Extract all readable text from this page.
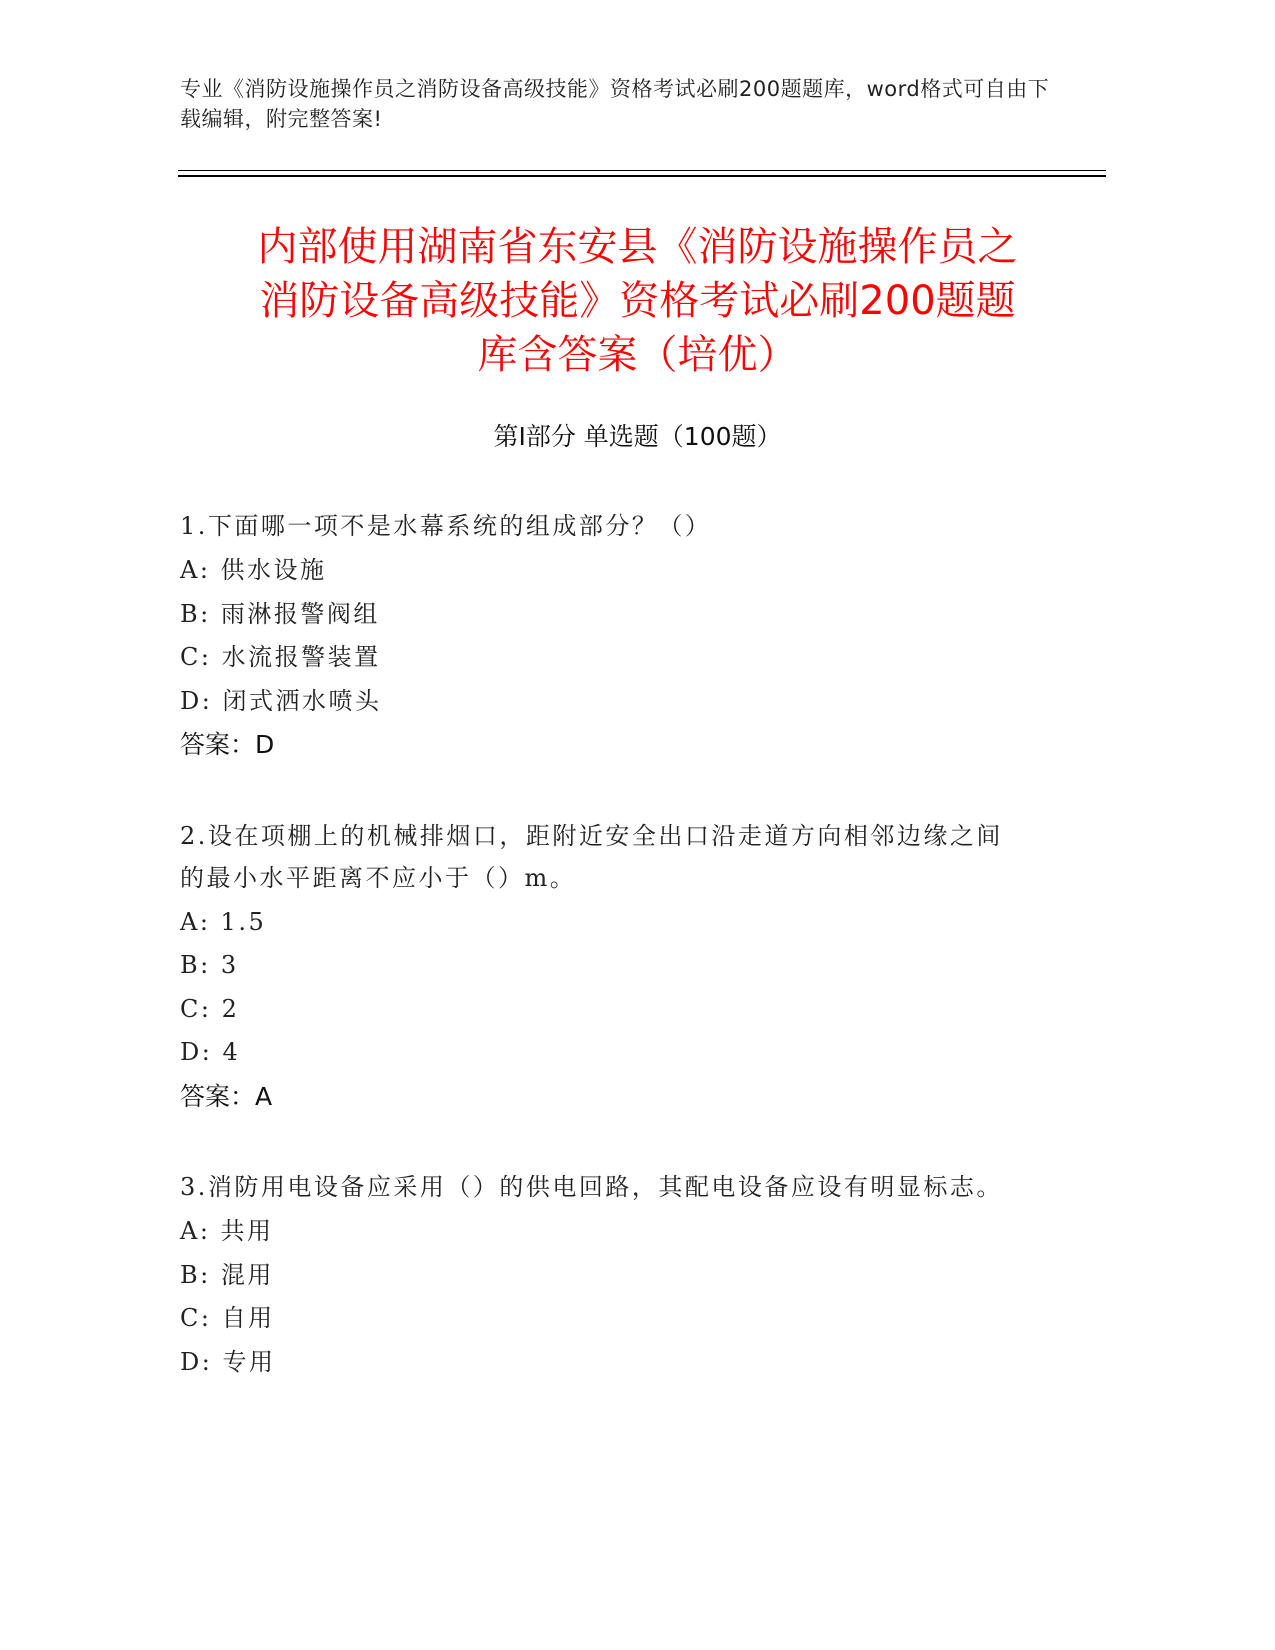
专业《消防设施操作员之消防设备高级技能》资格考试必刷200题题库，word格式可自由下载编辑，附完整答案!
内部使用湖南省东安县《消防设施操作员之
消防设备高级技能》资格考试必刷200题题
库含答案（培优）
第Ⅰ部分 单选题（100题）
1.下面哪一项不是水幕系统的组成部分？（）
A: 供水设施
B: 雨淋报警阀组
C: 水流报警装置
D: 闭式洒水喷头
答案：D
2.设在项棚上的机械排烟口，距附近安全出口沿走道方向相邻边缘之间的最小水平距离不应小于（）m。
A: 1.5
B: 3
C: 2
D: 4
答案：A
3.消防用电设备应采用（）的供电回路，其配电设备应设有明显标志。
A: 共用
B: 混用
C: 自用
D: 专用
